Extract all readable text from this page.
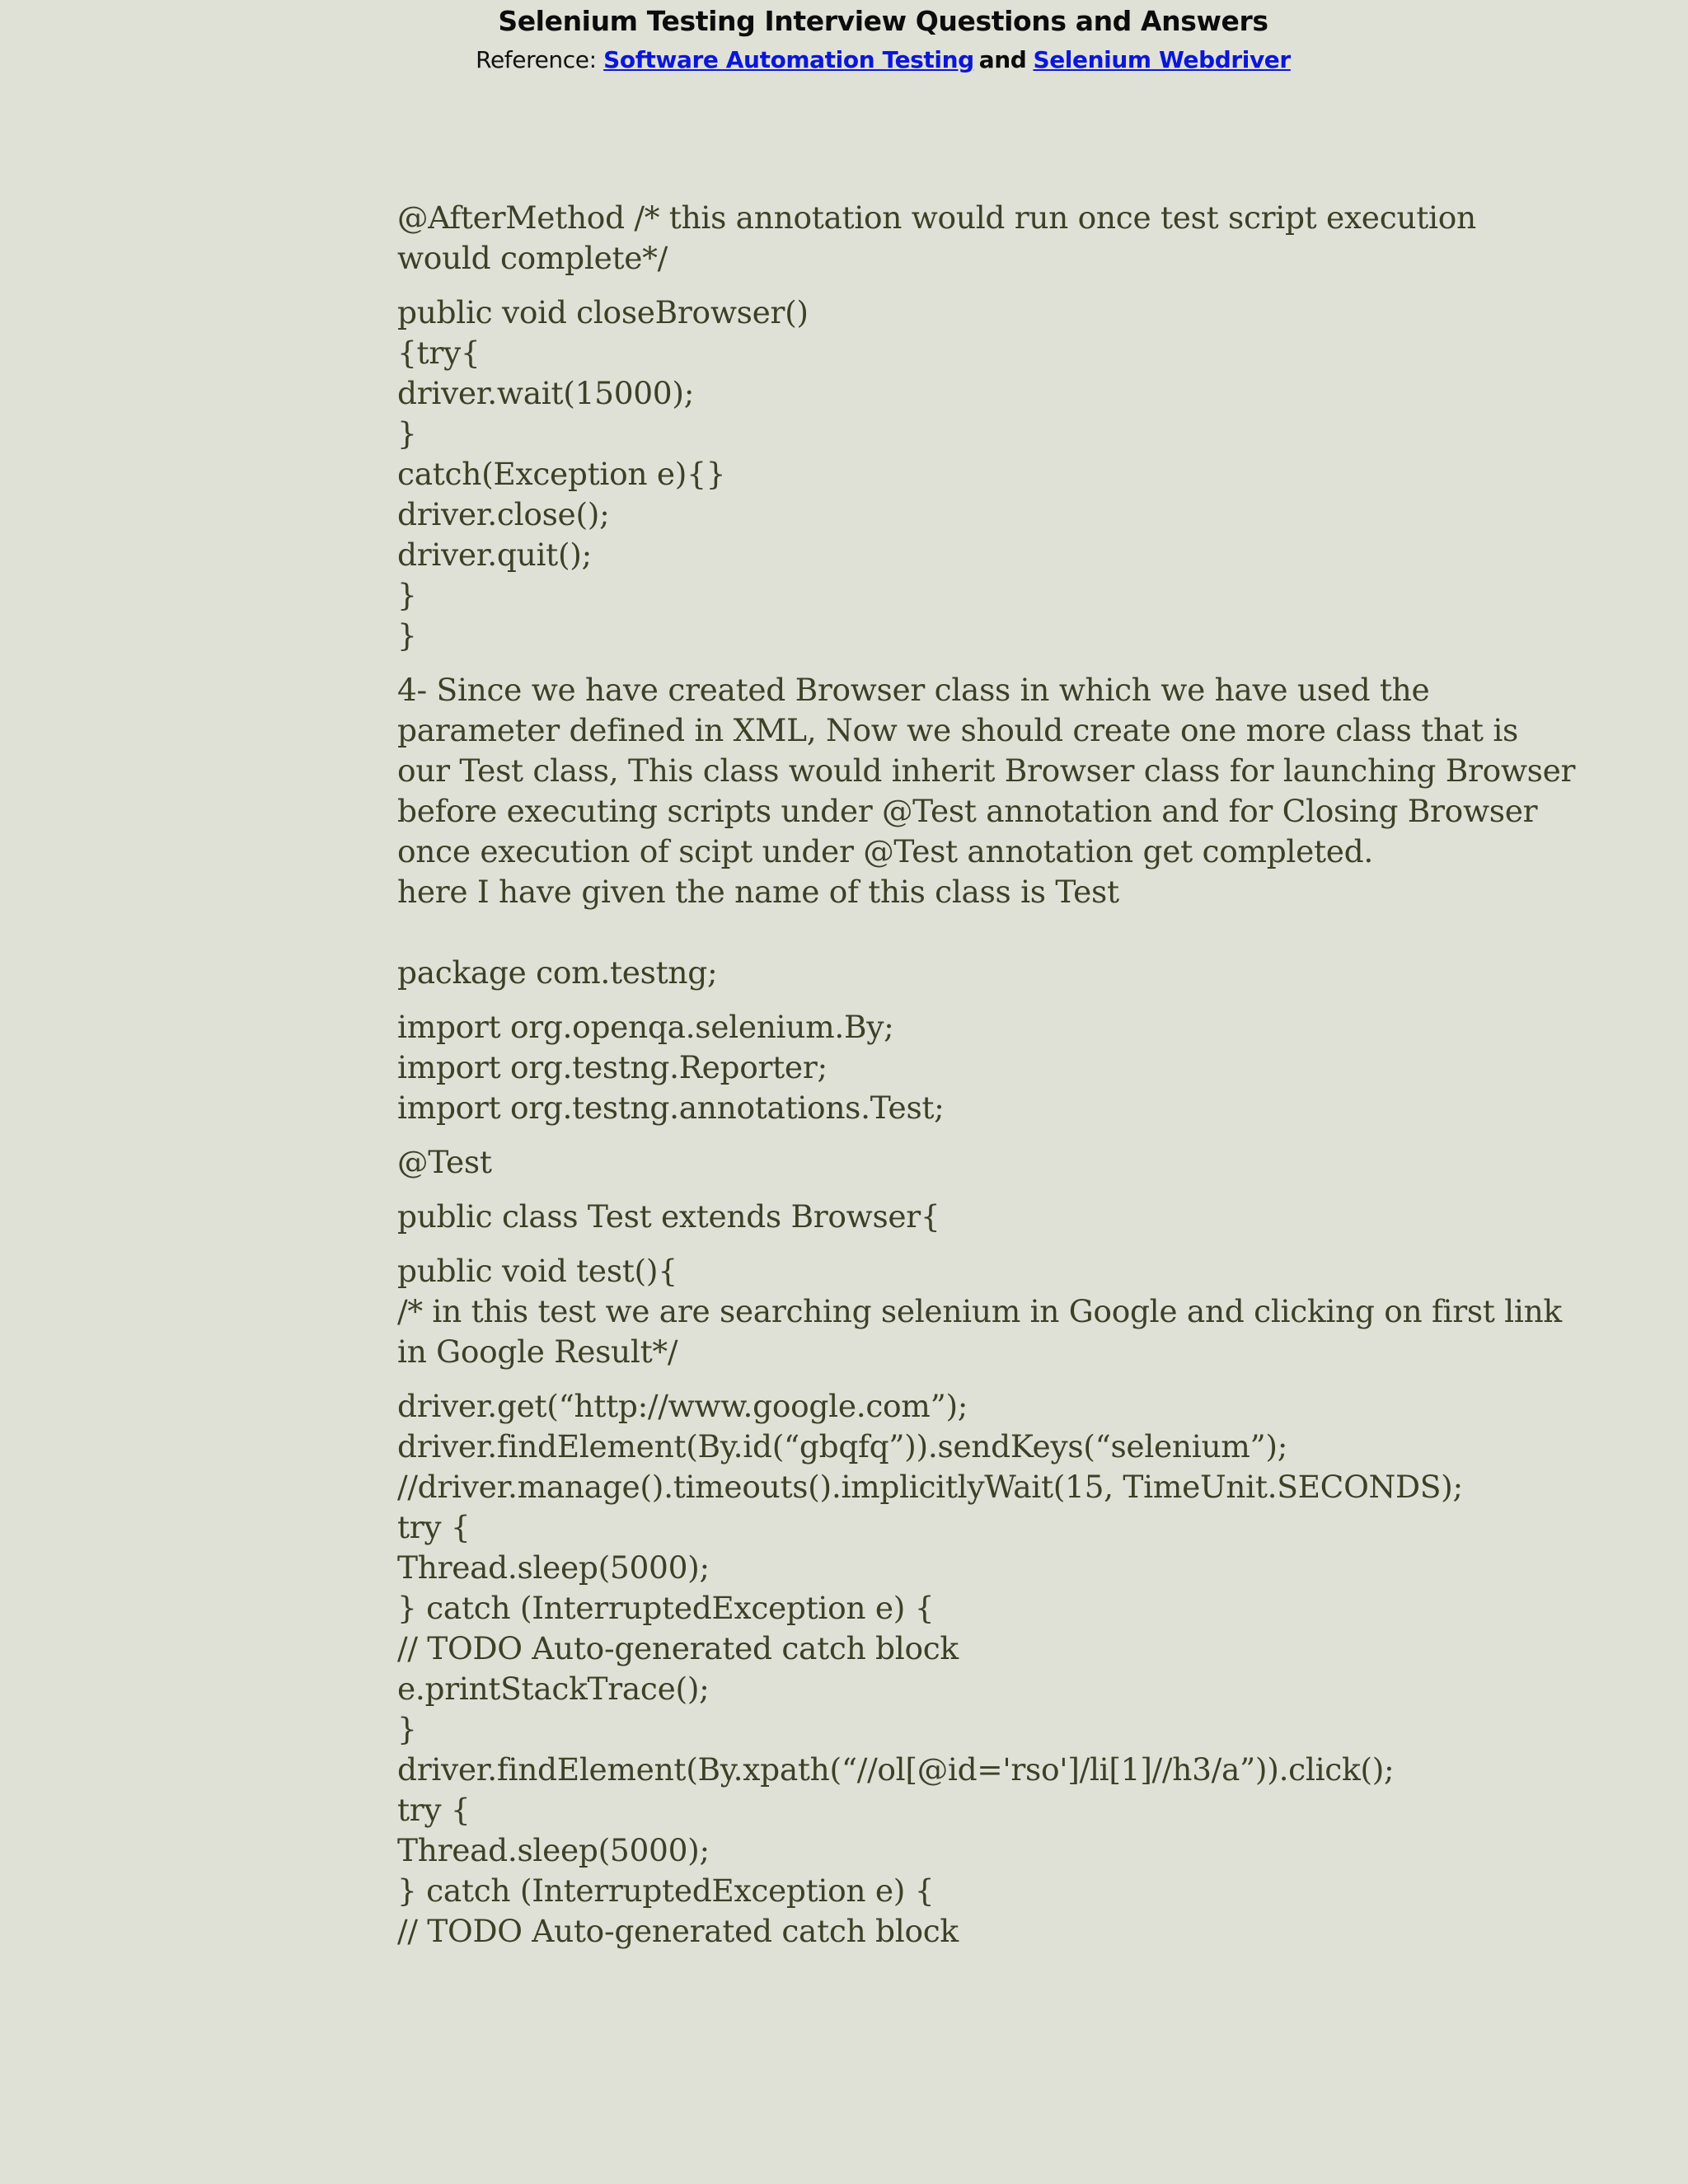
Selenium Testing Interview Questions and Answers
Reference: Software Automation Testing and Selenium Webdriver
@AfterMethod /* this annotation would run once test script execution
would complete*/
public void closeBrowser()
{try{
driver.wait(15000);
}
catch(Exception e){}
driver.close();
driver.quit();
}
}
4- Since we have created Browser class in which we have used the
parameter defined in XML, Now we should create one more class that is
our Test class, This class would inherit Browser class for launching Browser
before executing scripts under @Test annotation and for Closing Browser
once execution of scipt under @Test annotation get completed.
here I have given the name of this class is Test
package com.testng;
import org.openqa.selenium.By;
import org.testng.Reporter;
import org.testng.annotations.Test;
@Test
public class Test extends Browser{
public void test(){
/* in this test we are searching selenium in Google and clicking on first link
in Google Result*/
driver.get(“http://www.google.com”);
driver.findElement(By.id(“gbqfq”)).sendKeys(“selenium”);
//driver.manage().timeouts().implicitlyWait(15, TimeUnit.SECONDS);
try {
Thread.sleep(5000);
} catch (InterruptedException e) {
// TODO Auto-generated catch block
e.printStackTrace();
}
driver.findElement(By.xpath(“//ol[@id='rso']/li[1]//h3/a”)).click();
try {
Thread.sleep(5000);
} catch (InterruptedException e) {
// TODO Auto-generated catch block
